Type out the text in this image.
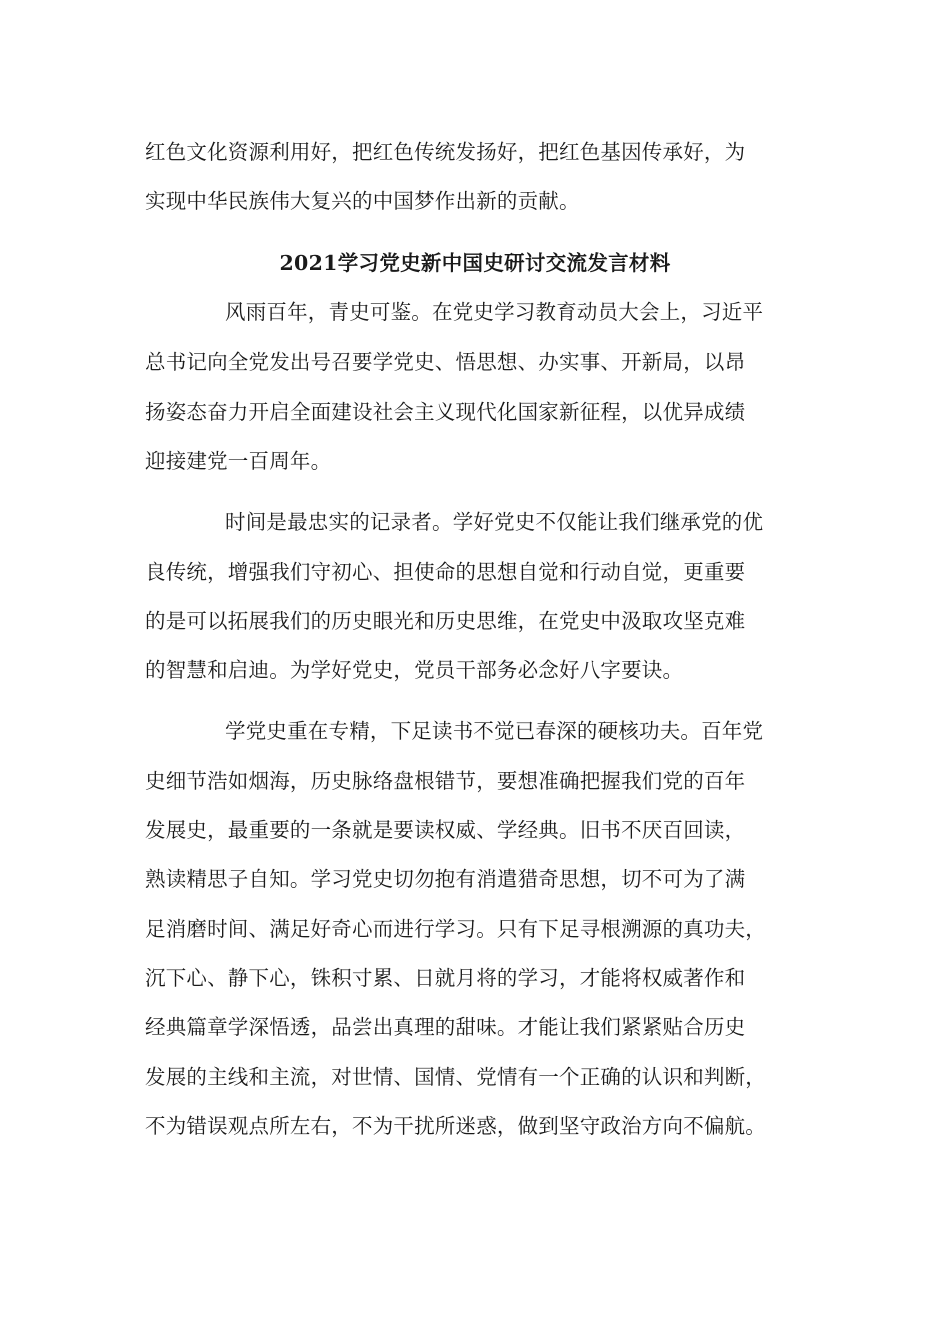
红色文化资源利用好，把红色传统发扬好，把红色基因传承好，为
实现中华民族伟大复兴的中国梦作出新的贡献。
2021学习党史新中国史研讨交流发言材料
风雨百年，青史可鉴。在党史学习教育动员大会上，习近平
总书记向全党发出号召要学党史、悟思想、办实事、开新局，以昂
扬姿态奋力开启全面建设社会主义现代化国家新征程，以优异成绩
迎接建党一百周年。
时间是最忠实的记录者。学好党史不仅能让我们继承党的优
良传统，增强我们守初心、担使命的思想自觉和行动自觉，更重要
的是可以拓展我们的历史眼光和历史思维，在党史中汲取攻坚克难
的智慧和启迪。为学好党史，党员干部务必念好八字要诀。
学党史重在专精，下足读书不觉已春深的硬核功夫。百年党
史细节浩如烟海，历史脉络盘根错节，要想准确把握我们党的百年
发展史，最重要的一条就是要读权威、学经典。旧书不厌百回读，
熟读精思子自知。学习党史切勿抱有消遣猎奇思想，切不可为了满
足消磨时间、满足好奇心而进行学习。只有下足寻根溯源的真功夫，
沉下心、静下心，铢积寸累、日就月将的学习，才能将权威著作和
经典篇章学深悟透，品尝出真理的甜味。才能让我们紧紧贴合历史
发展的主线和主流，对世情、国情、党情有一个正确的认识和判断，
不为错误观点所左右，不为干扰所迷惑，做到坚守政治方向不偏航。
